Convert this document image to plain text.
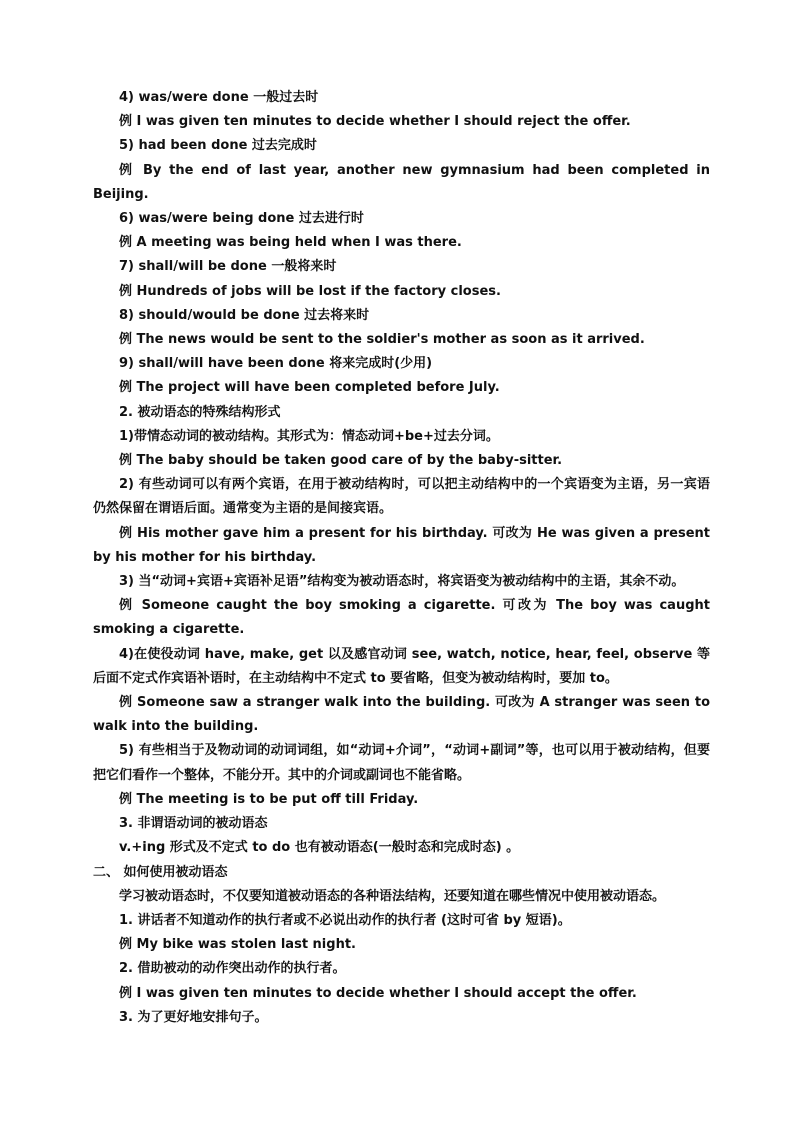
4) was/were done 一般过去时

例 I was given ten minutes to decide whether I should reject the offer.

5) had been done 过去完成时

例 By the end of last year, another new gymnasium had been completed in Beijing.

6) was/were being done 过去进行时

例 A meeting was being held when I was there.

7) shall/will be done 一般将来时

例 Hundreds of jobs will be lost if the factory closes.

8) should/would be done 过去将来时

例 The news would be sent to the soldier's mother as soon as it arrived.

9) shall/will have been done 将来完成时(少用)

例 The project will have been completed before July.

2. 被动语态的特殊结构形式

1)带情态动词的被动结构。其形式为：情态动词+be+过去分词。

例 The baby should be taken good care of by the baby-sitter.

2) 有些动词可以有两个宾语，在用于被动结构时，可以把主动结构中的一个宾语变为主语，另一宾语仍然保留在谓语后面。通常变为主语的是间接宾语。

例 His mother gave him a present for his birthday. 可改为 He was given a present by his mother for his birthday.

3) 当“动词+宾语+宾语补足语”结构变为被动语态时，将宾语变为被动结构中的主语，其余不动。

例 Someone caught the boy smoking a cigarette. 可改为 The boy was caught smoking a cigarette.

4)在使役动词 have, make, get 以及感官动词 see, watch, notice, hear, feel, observe 等后面不定式作宾语补语时，在主动结构中不定式 to 要省略，但变为被动结构时，要加 to。

例 Someone saw a stranger walk into the building. 可改为 A stranger was seen to walk into the building.

5) 有些相当于及物动词的动词词组，如“动词+介词”，“动词+副词”等，也可以用于被动结构，但要把它们看作一个整体，不能分开。其中的介词或副词也不能省略。

例 The meeting is to be put off till Friday.

3. 非谓语动词的被动语态

v.+ing 形式及不定式 to do 也有被动语态(一般时态和完成时态) 。

二、 如何使用被动语态

学习被动语态时，不仅要知道被动语态的各种语法结构，还要知道在哪些情况中使用被动语态。

1. 讲话者不知道动作的执行者或不必说出动作的执行者 (这时可省 by 短语)。

例 My bike was stolen last night.

2. 借助被动的动作突出动作的执行者。

例 I was given ten minutes to decide whether I should accept the offer.

3. 为了更好地安排句子。
